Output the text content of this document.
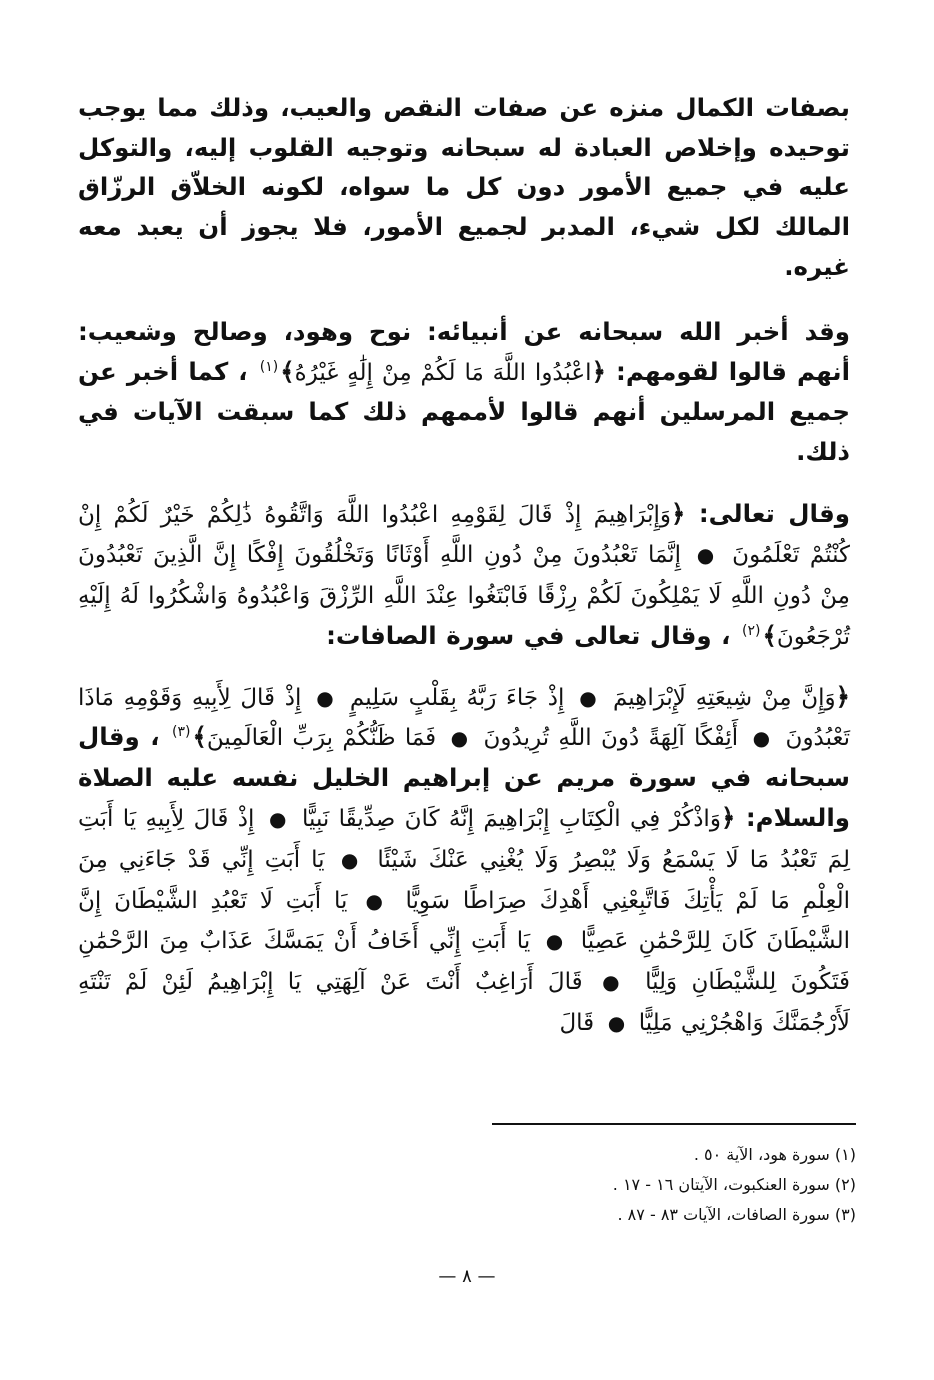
بصفات الكمال منزه عن صفات النقص والعيب، وذلك مما يوجب توحيده وإخلاص العبادة له سبحانه وتوجيه القلوب إليه، والتوكل عليه في جميع الأمور دون كل ما سواه، لكونه الخلاّق الرزّاق المالك لكل شيء، المدبر لجميع الأمور، فلا يجوز أن يعبد معه غيره.

وقد أخبر الله سبحانه عن أنبيائه: نوح وهود، وصالح وشعيب: أنهم قالوا لقومهم: ﴿اعْبُدُوا اللَّهَ مَا لَكُمْ مِنْ إِلَٰهٍ غَيْرُهُ﴾$^{(١)}$ ، كما أخبر عن جميع المرسلين أنهم قالوا لأممهم ذلك كما سبقت الآيات في ذلك.

وقال تعالى: ﴿وَإِبْرَاهِيمَ إِذْ قَالَ لِقَوْمِهِ اعْبُدُوا اللَّهَ وَاتَّقُوهُ ذَٰلِكُمْ خَيْرٌ لَكُمْ إِنْ كُنْتُمْ تَعْلَمُونَ ● إِنَّمَا تَعْبُدُونَ مِنْ دُونِ اللَّهِ أَوْثَانًا وَتَخْلُقُونَ إِفْكًا إِنَّ الَّذِينَ تَعْبُدُونَ مِنْ دُونِ اللَّهِ لَا يَمْلِكُونَ لَكُمْ رِزْقًا فَابْتَغُوا عِنْدَ اللَّهِ الرِّزْقَ وَاعْبُدُوهُ وَاشْكُرُوا لَهُ إِلَيْهِ تُرْجَعُونَ﴾$^{(٢)}$ ، وقال تعالى في سورة الصافات:

﴿وَإِنَّ مِنْ شِيعَتِهِ لَإِبْرَاهِيمَ ● إِذْ جَاءَ رَبَّهُ بِقَلْبٍ سَلِيمٍ ● إِذْ قَالَ لِأَبِيهِ وَقَوْمِهِ مَاذَا تَعْبُدُونَ ● أَئِفْكًا آلِهَةً دُونَ اللَّهِ تُرِيدُونَ ● فَمَا ظَنُّكُمْ بِرَبِّ الْعَالَمِينَ﴾$^{(٣)}$ ، وقال سبحانه في سورة مريم عن إبراهيم الخليل نفسه عليه الصلاة والسلام: ﴿وَاذْكُرْ فِي الْكِتَابِ إِبْرَاهِيمَ إِنَّهُ كَانَ صِدِّيقًا نَبِيًّا ● إِذْ قَالَ لِأَبِيهِ يَا أَبَتِ لِمَ تَعْبُدُ مَا لَا يَسْمَعُ وَلَا يُبْصِرُ وَلَا يُغْنِي عَنْكَ شَيْئًا ● يَا أَبَتِ إِنِّي قَدْ جَاءَنِي مِنَ الْعِلْمِ مَا لَمْ يَأْتِكَ فَاتَّبِعْنِي أَهْدِكَ صِرَاطًا سَوِيًّا ● يَا أَبَتِ لَا تَعْبُدِ الشَّيْطَانَ إِنَّ الشَّيْطَانَ كَانَ لِلرَّحْمَٰنِ عَصِيًّا ● يَا أَبَتِ إِنِّي أَخَافُ أَنْ يَمَسَّكَ عَذَابٌ مِنَ الرَّحْمَٰنِ فَتَكُونَ لِلشَّيْطَانِ وَلِيًّا ● قَالَ أَرَاغِبٌ أَنْتَ عَنْ آلِهَتِي يَا إِبْرَاهِيمُ لَئِنْ لَمْ تَنْتَهِ لَأَرْجُمَنَّكَ وَاهْجُرْنِي مَلِيًّا ● قَالَ

(١) سورة هود، الآية ٥٠ .
(٢) سورة العنكبوت، الآيتان ١٦ - ١٧ .
(٣) سورة الصافات، الآيات ٨٣ - ٨٧ .
— ٨ —
